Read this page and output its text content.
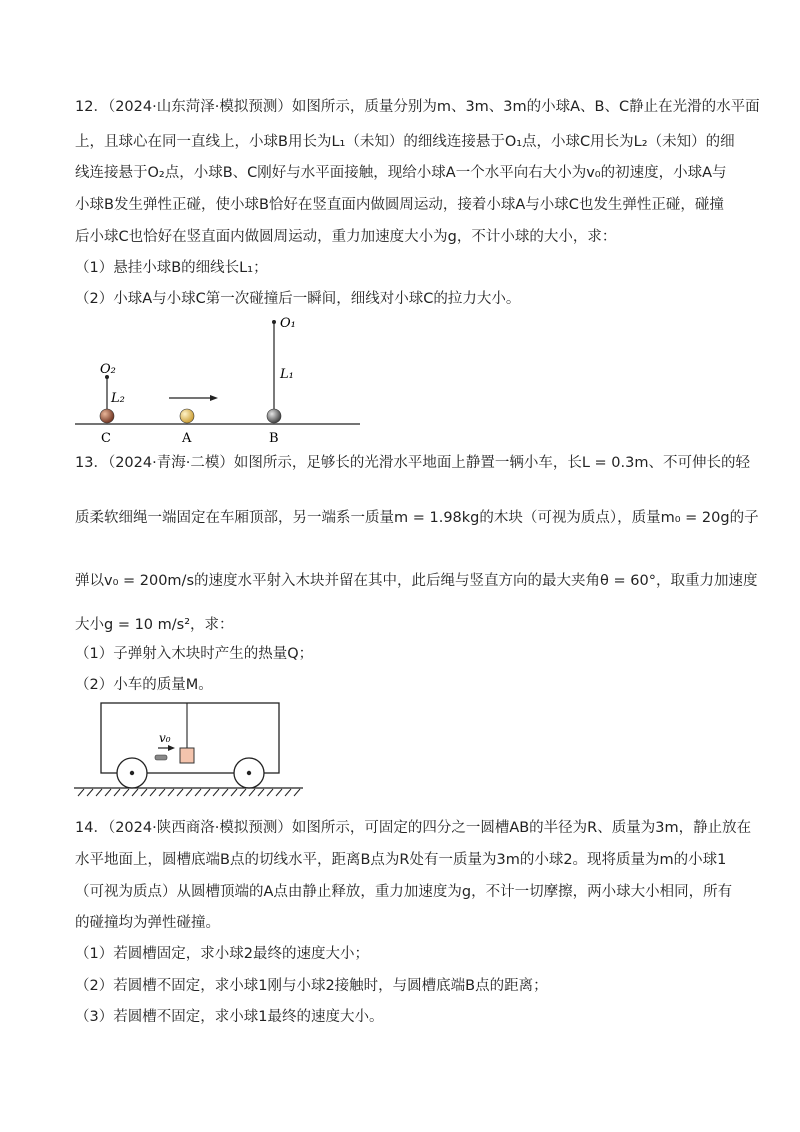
12．（2024·山东菏泽·模拟预测）如图所示，质量分别为m、3m、3m的小球A、B、C静止在光滑的水平面
上，且球心在同一直线上，小球B用长为L₁（未知）的细线连接悬于O₁点，小球C用长为L₂（未知）的细
线连接悬于O₂点，小球B、C刚好与水平面接触，现给小球A一个水平向右大小为v₀的初速度，小球A与
小球B发生弹性正碰，使小球B恰好在竖直面内做圆周运动，接着小球A与小球C也发生弹性正碰，碰撞
后小球C也恰好在竖直面内做圆周运动，重力加速度大小为g，不计小球的大小，求：
（1）悬挂小球B的细线长L₁；
（2）小球A与小球C第一次碰撞后一瞬间，细线对小球C的拉力大小。
O₂
L₂
C	A	B
O₁
L₁
13．（2024·青海·二模）如图所示，足够长的光滑水平地面上静置一辆小车，长L = 0.3m、不可伸长的轻
质柔软细绳一端固定在车厢顶部，另一端系一质量m = 1.98kg的木块（可视为质点），质量m₀ = 20g的子
弹以v₀ = 200m/s的速度水平射入木块并留在其中，此后绳与竖直方向的最大夹角θ = 60°，取重力加速度
大小g = 10 m/s²，求：
（1）子弹射入木块时产生的热量Q；
（2）小车的质量M。
v₀
14．（2024·陕西商洛·模拟预测）如图所示，可固定的四分之一圆槽AB的半径为R、质量为3m，静止放在
水平地面上，圆槽底端B点的切线水平，距离B点为R处有一质量为3m的小球2。现将质量为m的小球1
（可视为质点）从圆槽顶端的A点由静止释放，重力加速度为g，不计一切摩擦，两小球大小相同，所有
的碰撞均为弹性碰撞。
（1）若圆槽固定，求小球2最终的速度大小；
（2）若圆槽不固定，求小球1刚与小球2接触时，与圆槽底端B点的距离；
（3）若圆槽不固定，求小球1最终的速度大小。
